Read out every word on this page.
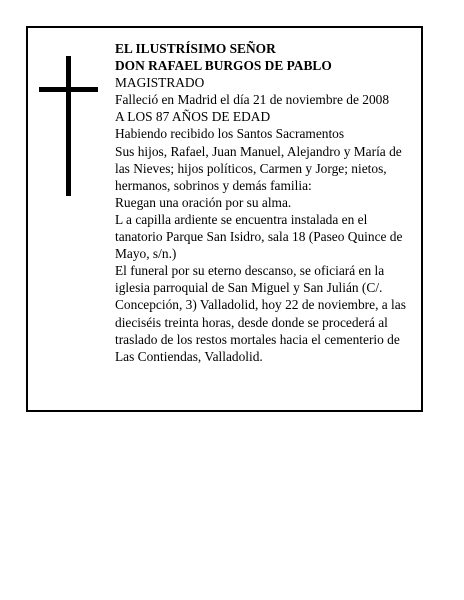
EL ILUSTRÍSIMO SEÑOR

DON RAFAEL BURGOS DE PABLO

MAGISTRADO

Falleció en Madrid el día 21 de noviembre de 2008

A LOS 87 AÑOS DE EDAD

Habiendo recibido los Santos Sacramentos

Sus hijos, Rafael, Juan Manuel, Alejandro y María de las Nieves; hijos políticos, Carmen y Jorge; nietos, hermanos, sobrinos y demás familia:

Ruegan una oración por su alma.

L a capilla ardiente se encuentra instalada en el tanatorio Parque San Isidro, sala 18 (Paseo Quince de Mayo, s/n.)

El funeral por su eterno descanso, se oficiará en la iglesia parroquial de San Miguel y San Julián (C/. Concepción, 3) Valladolid, hoy 22 de noviembre, a las dieciséis treinta horas, desde donde se procederá al traslado de los restos mortales hacia el cementerio de Las Contiendas, Valladolid.
